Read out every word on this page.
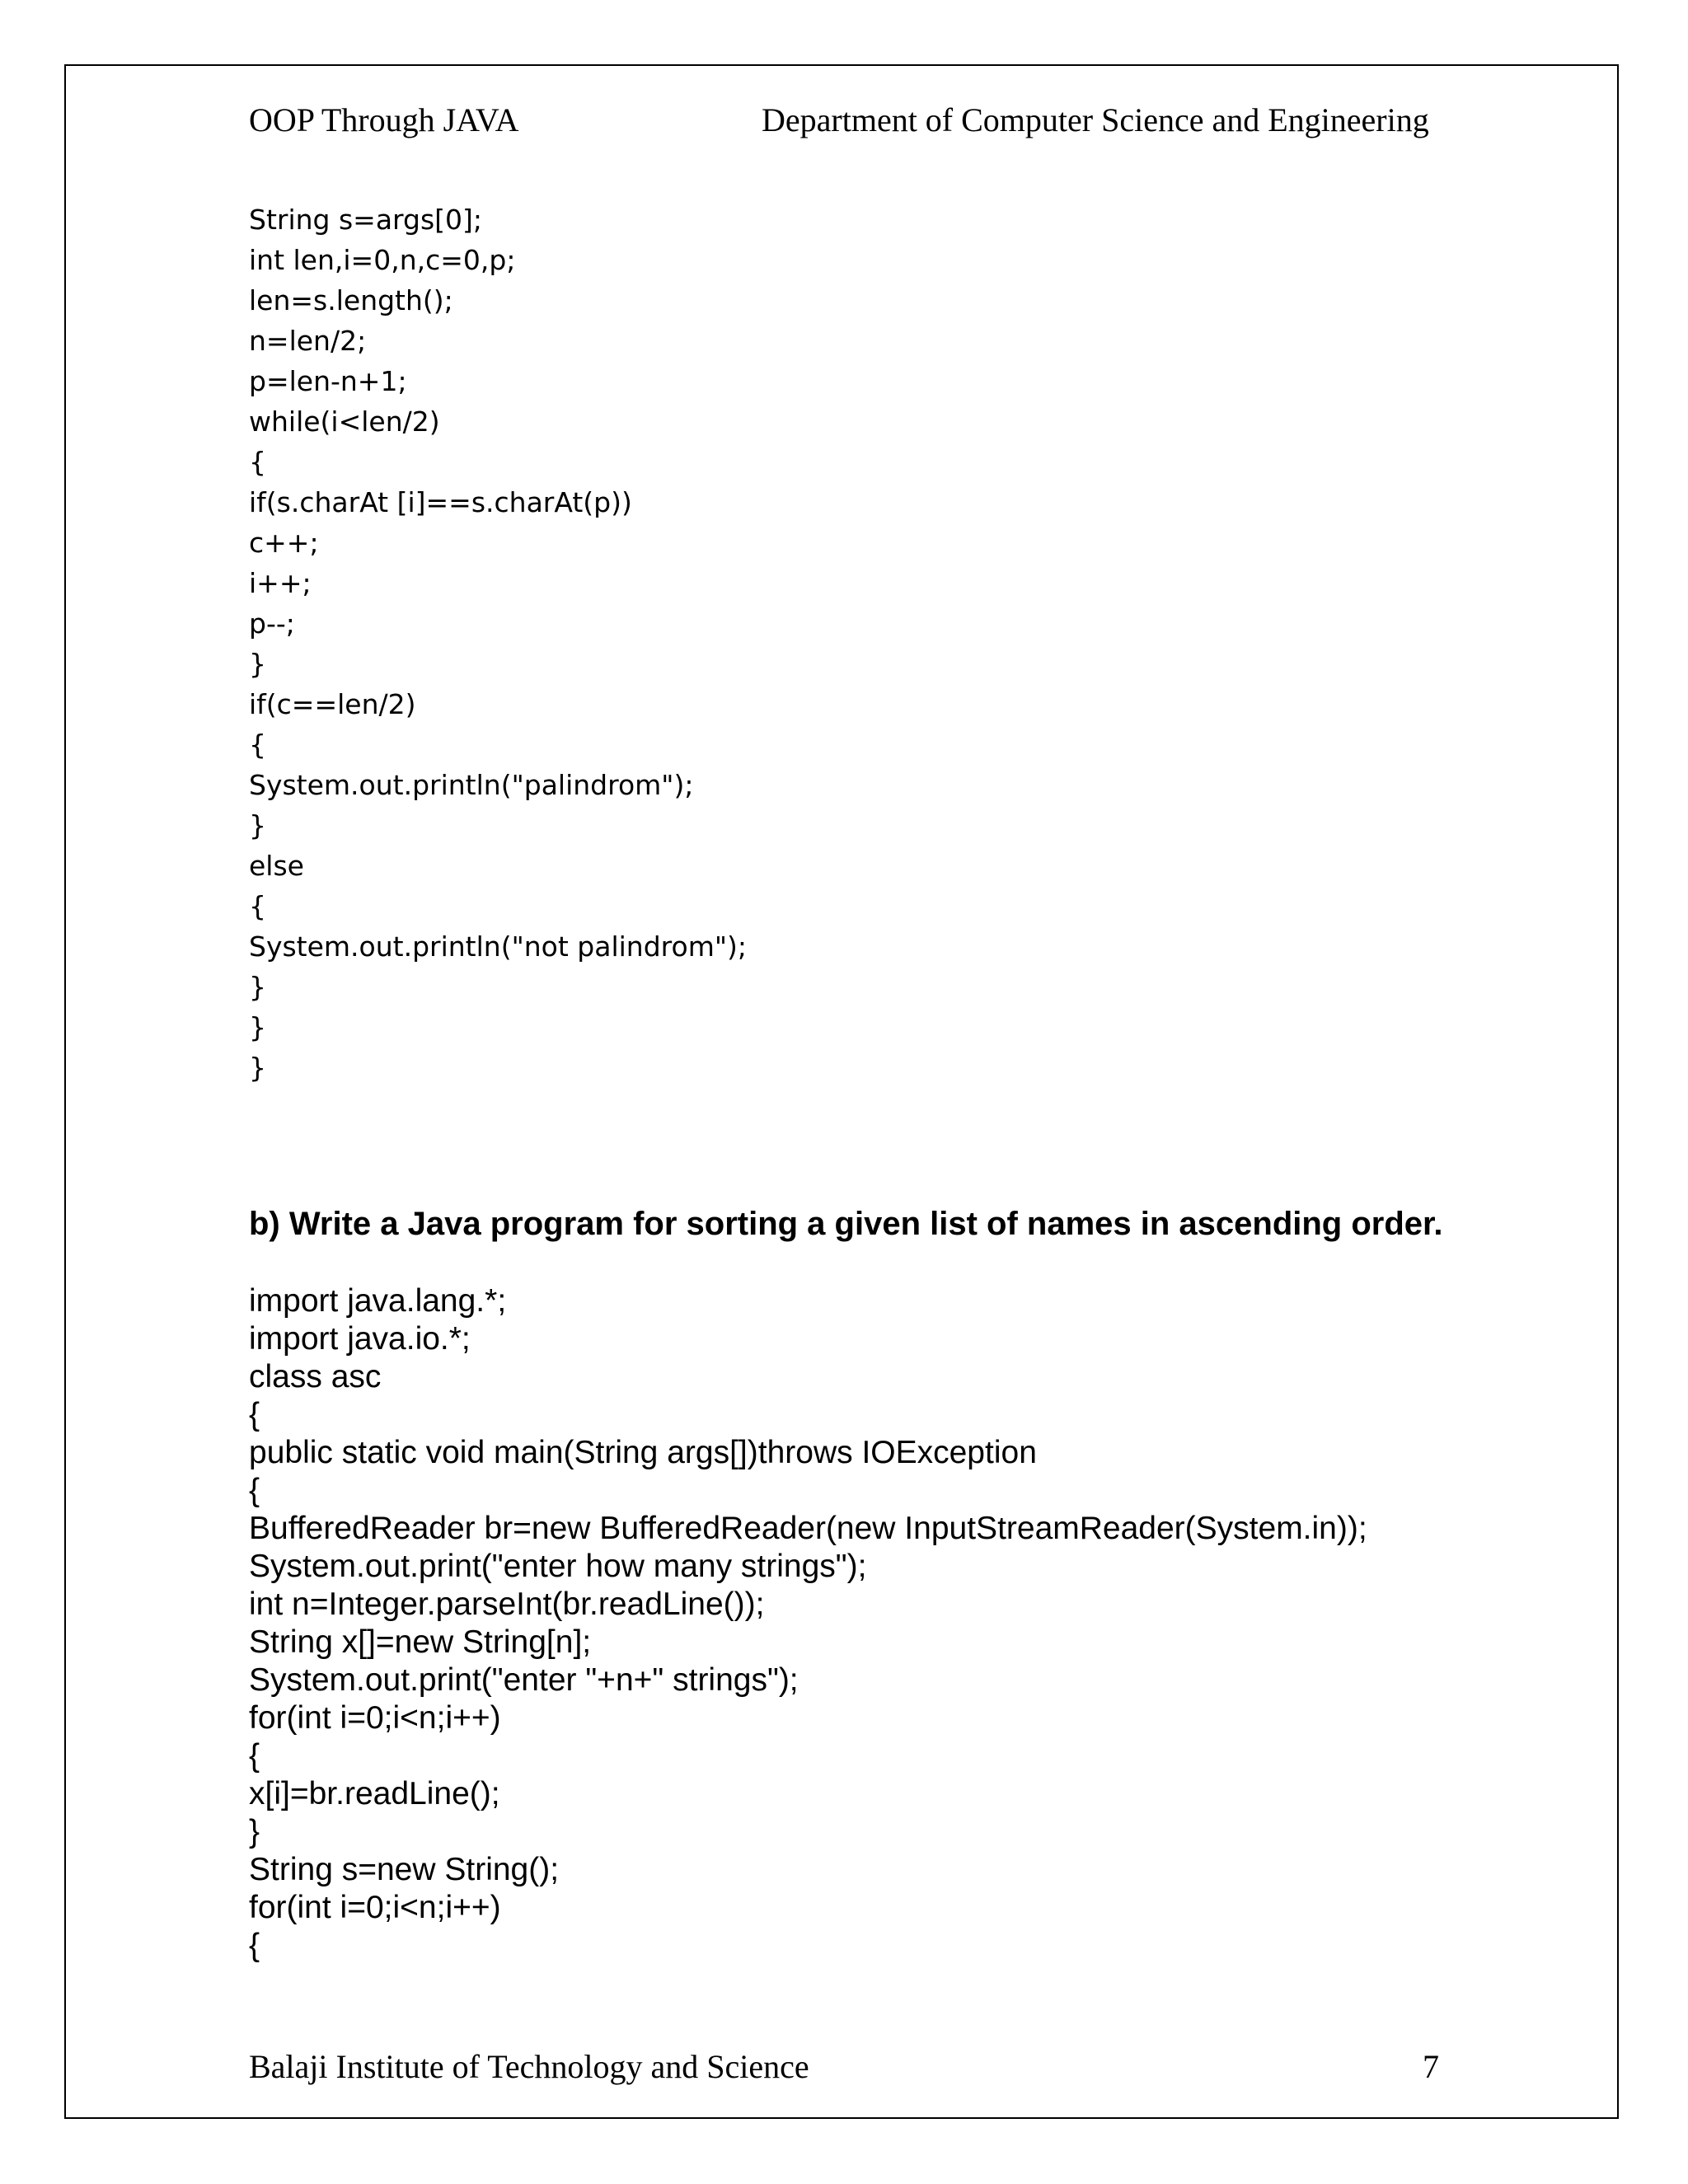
OOP Through JAVA	Department of Computer Science and Engineering
String s=args[0];
int len,i=0,n,c=0,p;
len=s.length();
n=len/2;
p=len-n+1;
while(i<len/2)
{
if(s.charAt [i]==s.charAt(p))
c++;
i++;
p--;
}
if(c==len/2)
{
System.out.println("palindrom");
}
else
{
System.out.println("not palindrom");
}
}
}
b) Write a Java program for sorting a given list of names in ascending order.
import java.lang.*;
import java.io.*;
class asc
{
public static void main(String args[])throws IOException
{
BufferedReader br=new BufferedReader(new InputStreamReader(System.in));
System.out.print("enter how many strings");
int n=Integer.parseInt(br.readLine());
String x[]=new String[n];
System.out.print("enter "+n+" strings");
for(int i=0;i<n;i++)
{
x[i]=br.readLine();
}
String s=new String();
for(int i=0;i<n;i++)
{
Balaji Institute of Technology and Science	7
